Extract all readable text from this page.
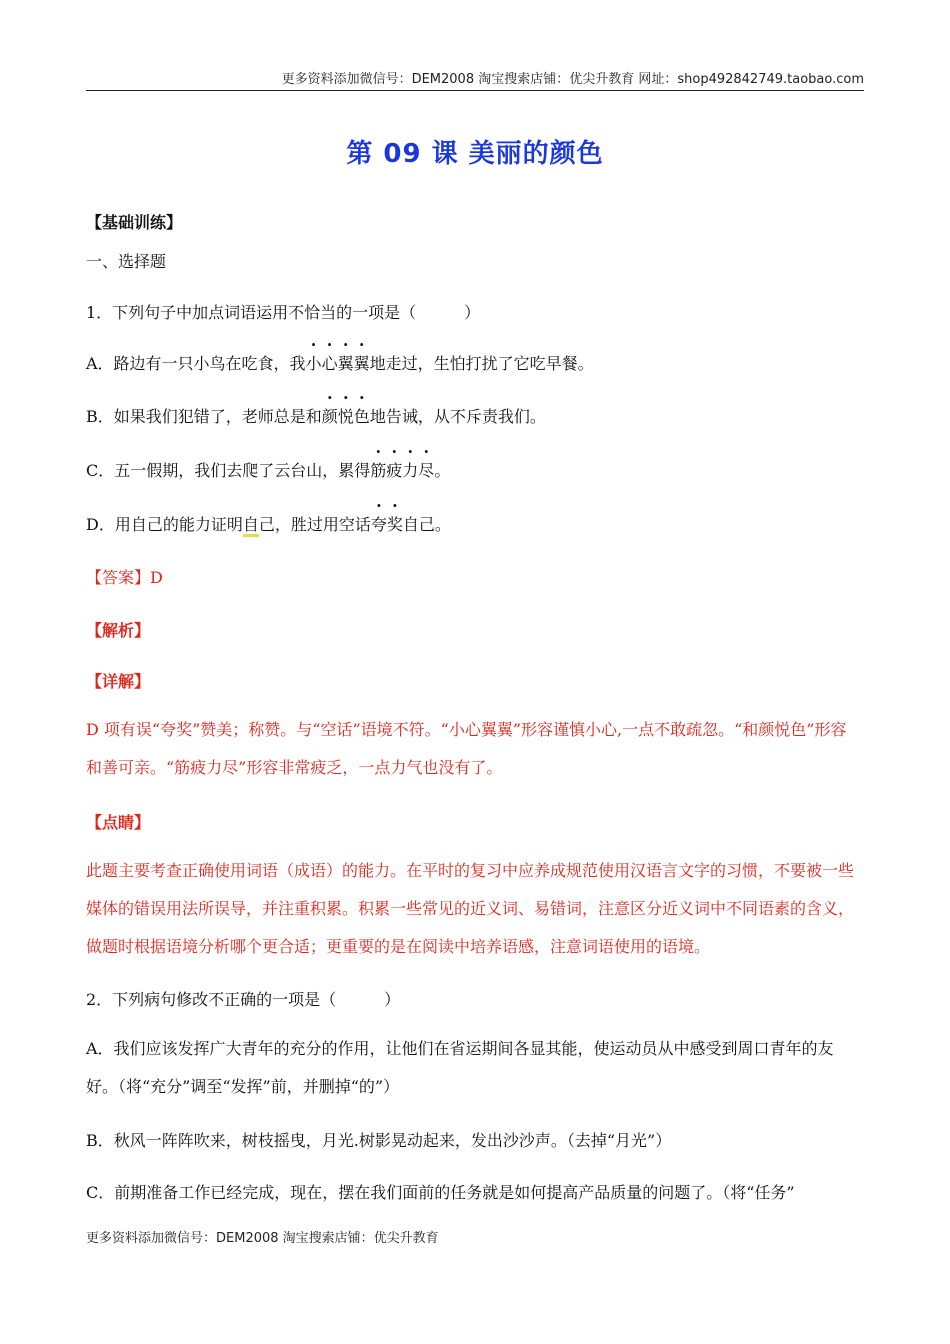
更多资料添加微信号：DEM2008 淘宝搜索店铺：优尖升教育 网址：shop492842749.taobao.com
第 09 课 美丽的颜色
【基础训练】
一、选择题
1．下列句子中加点词语运用不恰当的一项是（　　　）
A．路边有一只小鸟在吃食，我小心翼翼地走过，生怕打扰了它吃早餐。
B．如果我们犯错了，老师总是和颜悦色地告诫，从不斥责我们。
C．五一假期，我们去爬了云台山，累得筋疲力尽。
D．用自己的能力证明自己，胜过用空话夸奖自己。
【答案】D
【解析】
【详解】
D 项有误“夸奖”赞美；称赞。与“空话”语境不符。“小心翼翼”形容谨慎小心,一点不敢疏忽。“和颜悦色”形容和善可亲。“筋疲力尽”形容非常疲乏，一点力气也没有了。
【点睛】
此题主要考查正确使用词语（成语）的能力。在平时的复习中应养成规范使用汉语言文字的习惯，不要被一些媒体的错误用法所误导，并注重积累。积累一些常见的近义词、易错词，注意区分近义词中不同语素的含义，做题时根据语境分析哪个更合适；更重要的是在阅读中培养语感，注意词语使用的语境。
2．下列病句修改不正确的一项是（　　　）
A．我们应该发挥广大青年的充分的作用，让他们在省运期间各显其能，使运动员从中感受到周口青年的友好。（将“充分”调至“发挥”前，并删掉“的”）
B．秋风一阵阵吹来，树枝摇曳，月光.树影晃动起来，发出沙沙声。（去掉“月光”）
C．前期准备工作已经完成，现在，摆在我们面前的任务就是如何提高产品质量的问题了。（将“任务”
更多资料添加微信号：DEM2008 淘宝搜索店铺：优尖升教育
